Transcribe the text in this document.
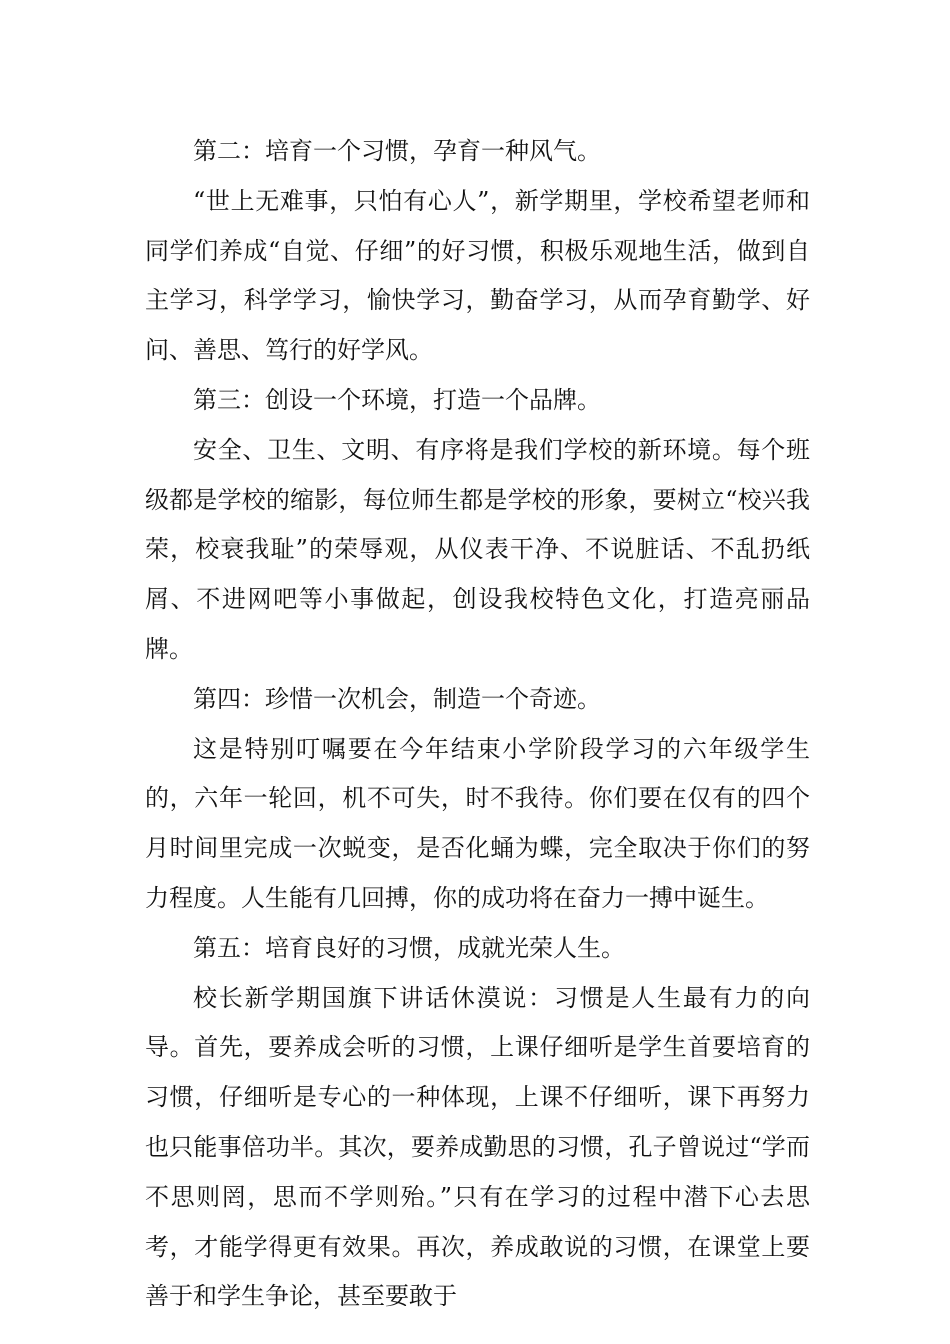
第二：培育一个习惯，孕育一种风气。

“世上无难事，只怕有心人”，新学期里，学校希望老师和同学们养成“自觉、仔细”的好习惯，积极乐观地生活，做到自主学习，科学学习，愉快学习，勤奋学习，从而孕育勤学、好问、善思、笃行的好学风。

第三：创设一个环境，打造一个品牌。

安全、卫生、文明、有序将是我们学校的新环境。每个班级都是学校的缩影，每位师生都是学校的形象，要树立“校兴我荣，校衰我耻”的荣辱观，从仪表干净、不说脏话、不乱扔纸屑、不进网吧等小事做起，创设我校特色文化，打造亮丽品牌。

第四：珍惜一次机会，制造一个奇迹。

这是特别叮嘱要在今年结束小学阶段学习的六年级学生的，六年一轮回，机不可失，时不我待。你们要在仅有的四个月时间里完成一次蜕变，是否化蛹为蝶，完全取决于你们的努力程度。人生能有几回搏，你的成功将在奋力一搏中诞生。

第五：培育良好的习惯，成就光荣人生。

校长新学期国旗下讲话休漠说：习惯是人生最有力的向导。首先，要养成会听的习惯，上课仔细听是学生首要培育的习惯，仔细听是专心的一种体现，上课不仔细听，课下再努力也只能事倍功半。其次，要养成勤思的习惯，孔子曾说过“学而不思则罔，思而不学则殆。”只有在学习的过程中潜下心去思考，才能学得更有效果。再次，养成敢说的习惯，在课堂上要善于和学生争论，甚至要敢于
